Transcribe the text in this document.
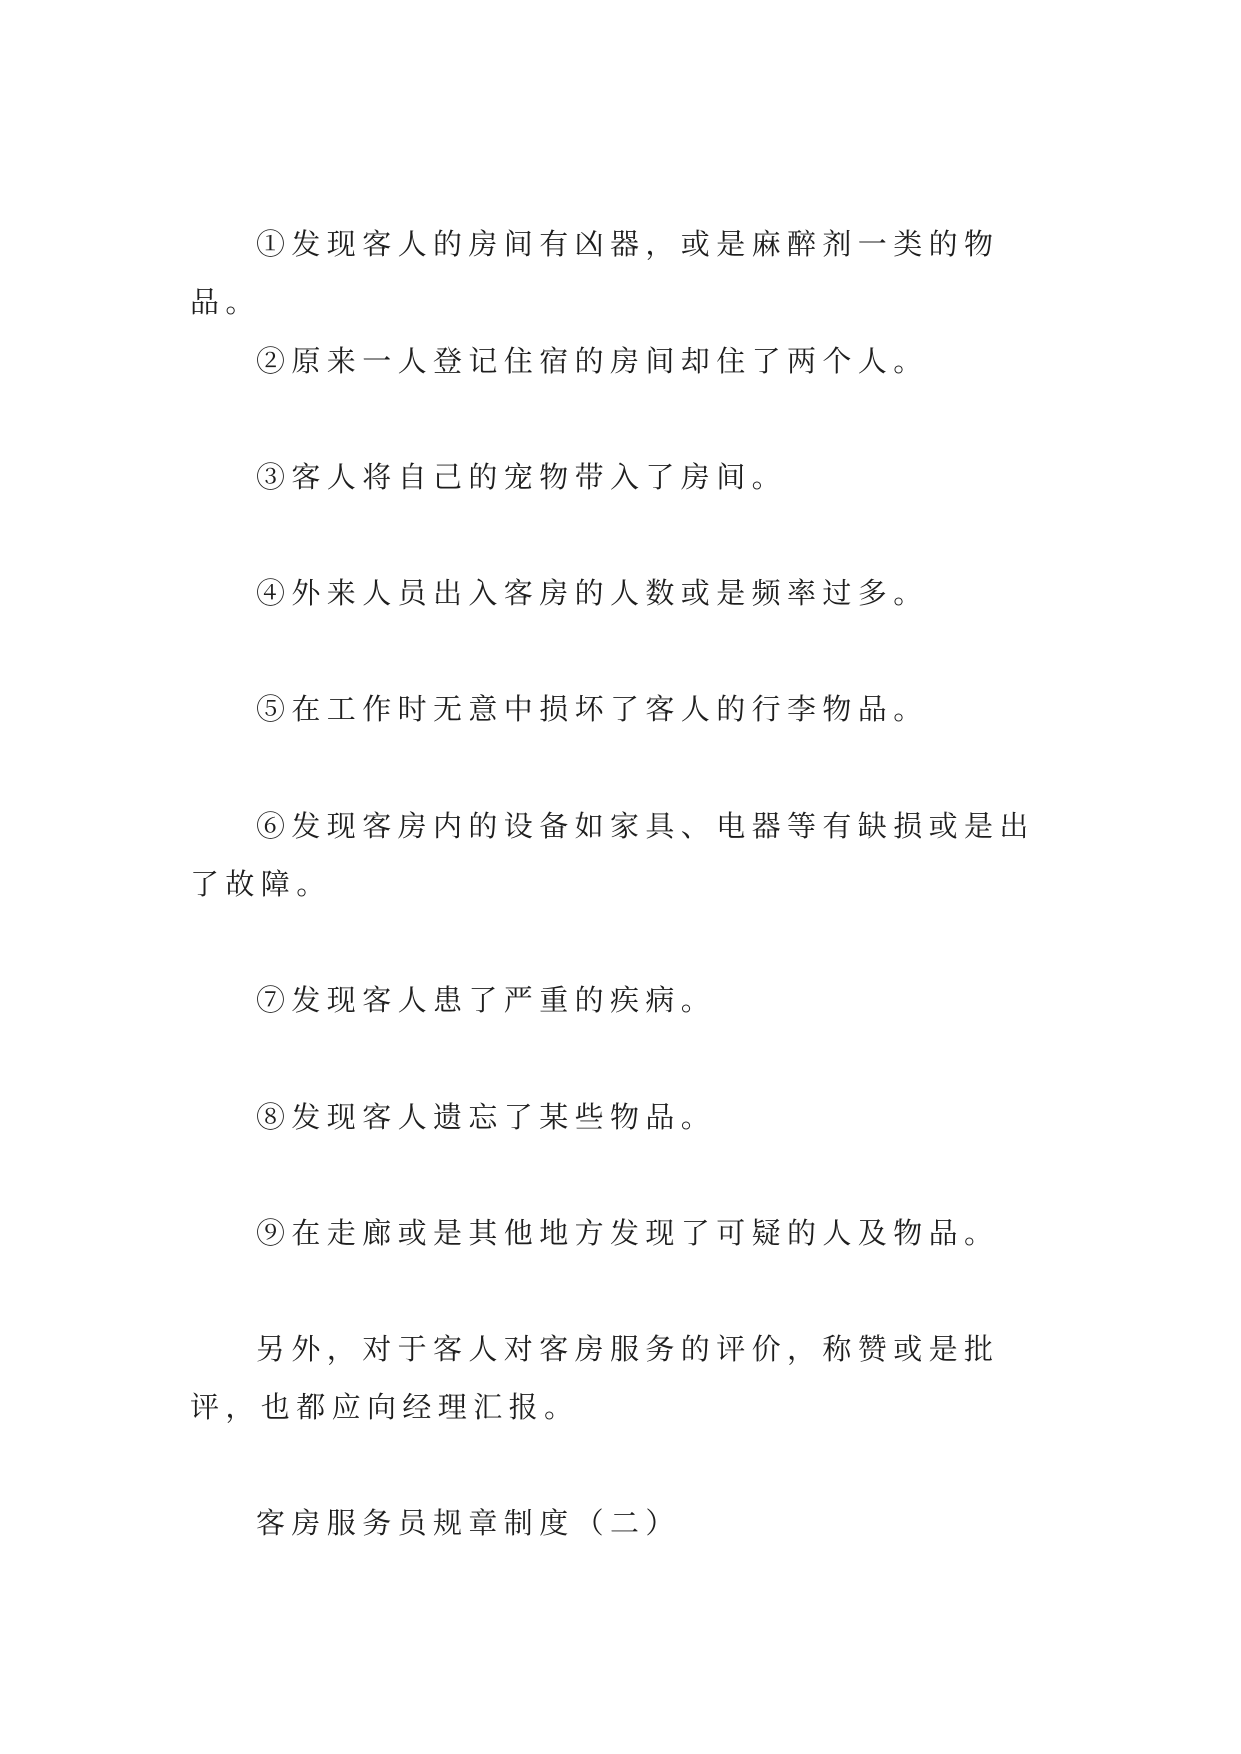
①发现客人的房间有凶器，或是麻醉剂一类的物品。

②原来一人登记住宿的房间却住了两个人。

③客人将自己的宠物带入了房间。

④外来人员出入客房的人数或是频率过多。

⑤在工作时无意中损坏了客人的行李物品。

⑥发现客房内的设备如家具、电器等有缺损或是出了故障。

⑦发现客人患了严重的疾病。

⑧发现客人遗忘了某些物品。

⑨在走廊或是其他地方发现了可疑的人及物品。

另外，对于客人对客房服务的评价，称赞或是批评，也都应向经理汇报。

客房服务员规章制度（二）
